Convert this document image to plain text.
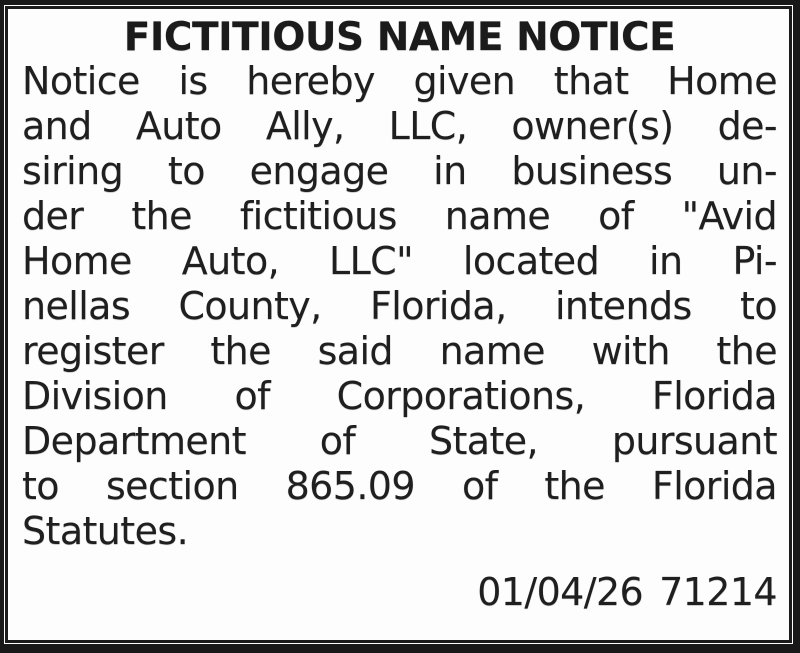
FICTITIOUS NAME NOTICE
Notice is hereby given that Home
and Auto Ally, LLC, owner(s) de-
siring to engage in business un-
der the fictitious name of "Avid
Home Auto, LLC" located in Pi-
nellas County, Florida, intends to
register the said name with the
Division of Corporations, Florida
Department of State, pursuant
to section 865.09 of the Florida
Statutes.
01/04/26 71214
